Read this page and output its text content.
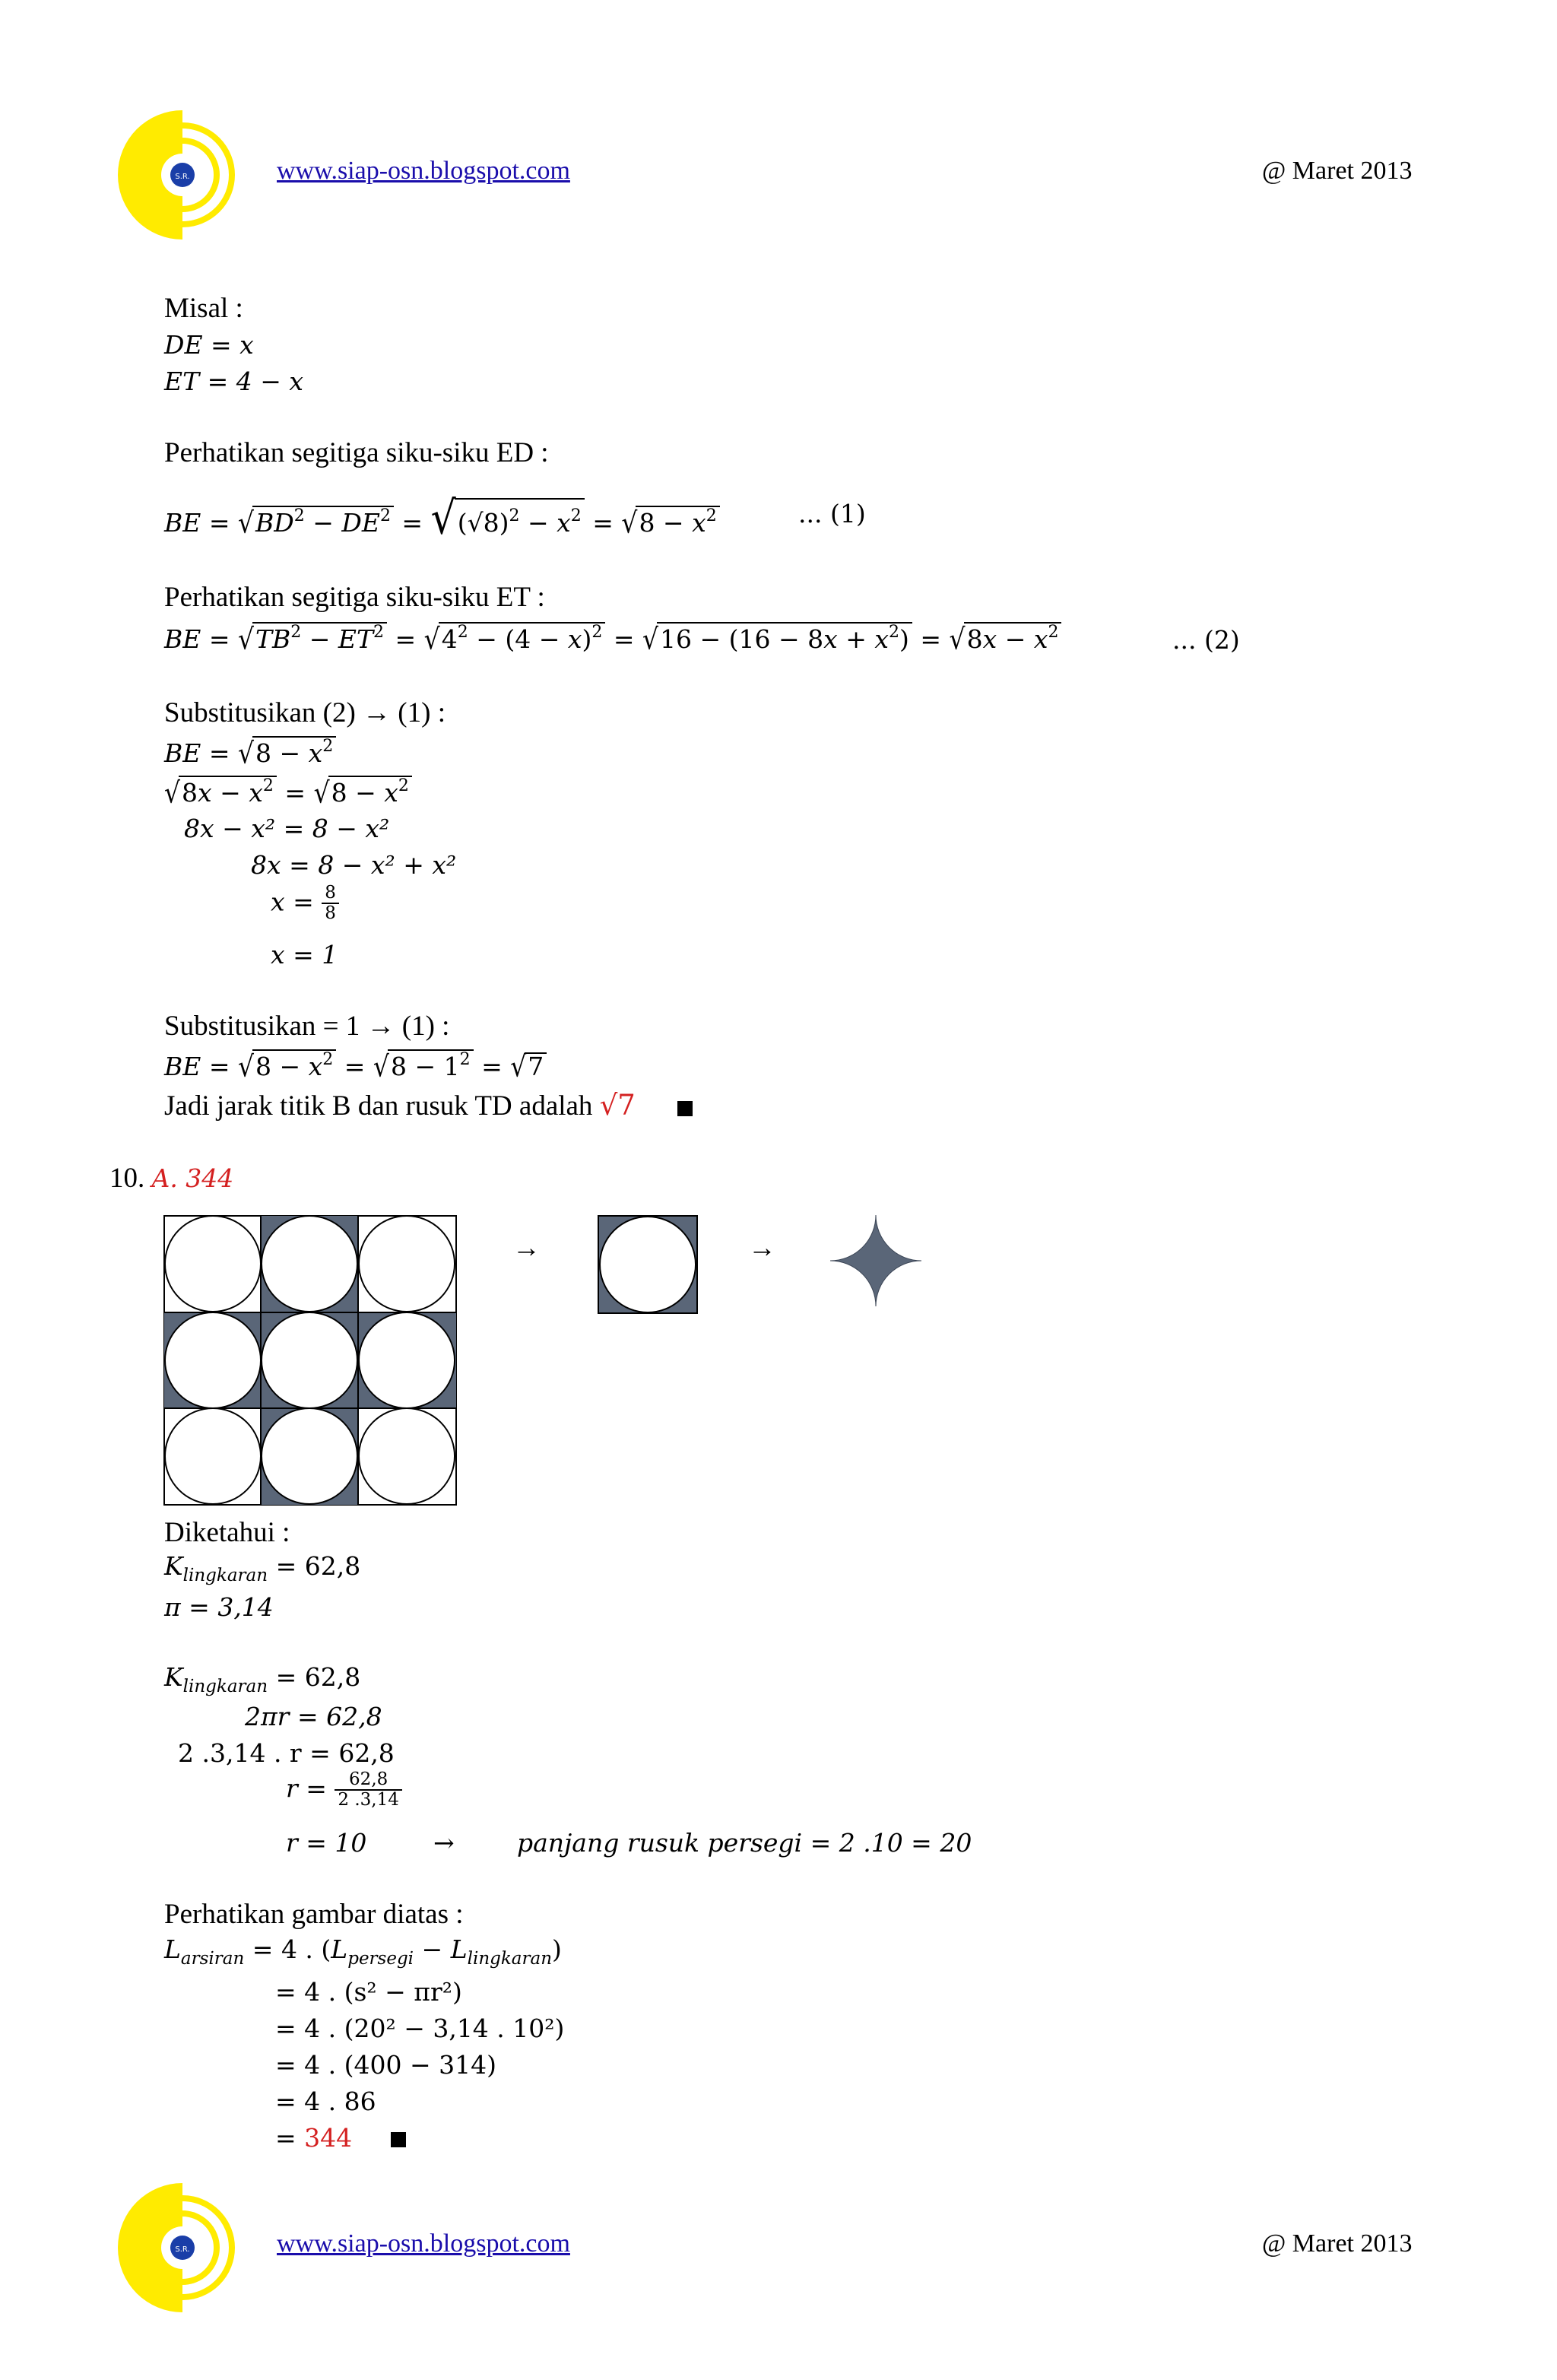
S.R.	www.siap-osn.blogspot.com	@ Maret 2013
Misal :
DE = x
ET = 4 − x
Perhatikan segitiga siku-siku ED :
BE = $√BD^2 - DE^2 = √(√8)^2 - x^2 = √8 - x^2$	... (1)
Perhatikan segitiga siku-siku ET :
BE = $√TB^2 - ET^2 = √4^2 - (4 - x)^2 = √16 - (16 - 8x + x^2) = √8x - x^2$	... (2)
Substitusikan (2) → (1) :
BE = $√8 - x^2$
$√8x - x^2 = √8 - x^2$
8x − x² = 8 − x²
8x = 8 − x² + x²
$x = \frac{8}{8}$
x = 1
Substitusikan = 1 → (1) :
BE = $√8 - x^2 = √8 - 1^2 = √7$
Jadi jarak titik B dan rusuk TD adalah √7
10. A. 344
→	→
Diketahui :
$K_{lingkaran} = 62,8$
π = 3,14
$K_{lingkaran} = 62,8$
2πr = 62,8
2 .3,14 . r = 62,8
$r = \frac{62,8}{2 .3,14}$
r = 10	→ panjang rusuk persegi = 2 .10 = 20
Perhatikan gambar diatas :
$L_{arsiran} = 4$ . $(L_{persegi} - L_{lingkaran})$
= 4 . (s² − πr²)
= 4 . (20² − 3,14 . 10²)
= 4 . (400 − 314)
= 4 . 86
= 344
S.R.	www.siap-osn.blogspot.com	@ Maret 2013
